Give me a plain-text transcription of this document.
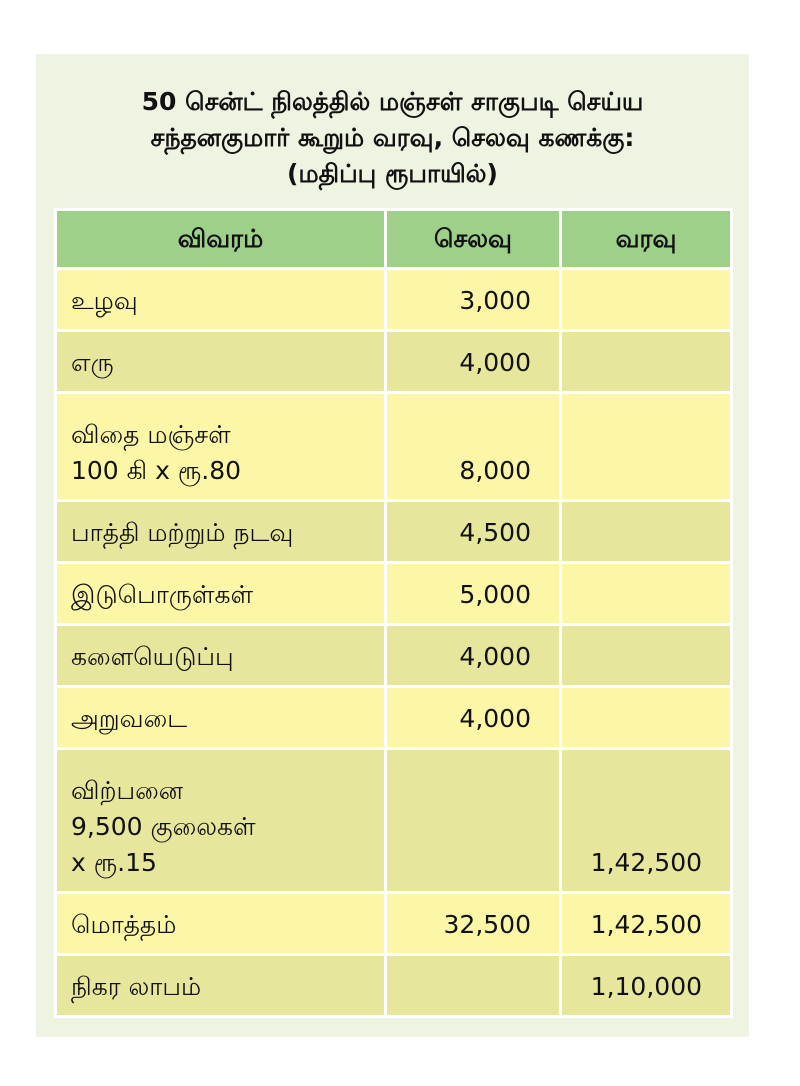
50 சென்ட் நிலத்தில் மஞ்சள் சாகுபடி செய்ய
சந்தனகுமார் கூறும் வரவு, செலவு கணக்கு:
(மதிப்பு ரூபாயில்)
விவரம்	செலவு	வரவு

உழவு	3,000	

எரு	4,000	

விதை மஞ்சள்
100 கி x ரூ.80	8,000	

பாத்தி மற்றும் நடவு	4,500	

இடுபொருள்கள்	5,000	

களையெடுப்பு	4,000	

அறுவடை	4,000	

விற்பனை
9,500 குலைகள்
x ரூ.15		1,42,500

மொத்தம்	32,500	1,42,500

நிகர லாபம்		1,10,000
